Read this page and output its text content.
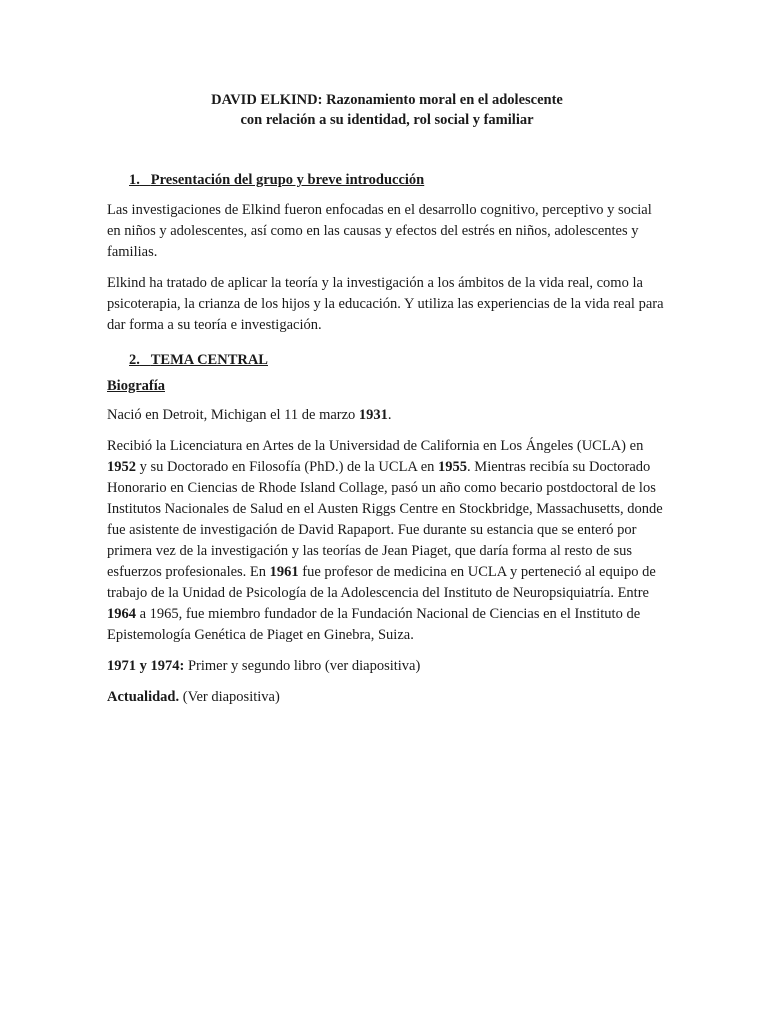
DAVID ELKIND: Razonamiento moral en el adolescente
con relación a su identidad, rol social y familiar
1. Presentación del grupo y breve introducción

Las investigaciones de Elkind fueron enfocadas en el desarrollo cognitivo, perceptivo y social en niños y adolescentes, así como en las causas y efectos del estrés en niños, adolescentes y familias.

Elkind ha tratado de aplicar la teoría y la investigación a los ámbitos de la vida real, como la psicoterapia, la crianza de los hijos y la educación. Y utiliza las experiencias de la vida real para dar forma a su teoría e investigación.

2. TEMA CENTRAL
Biografía

Nació en Detroit, Michigan el 11 de marzo 1931.

Recibió la Licenciatura en Artes de la Universidad de California en Los Ángeles (UCLA) en 1952 y su Doctorado en Filosofía (PhD.) de la UCLA en 1955. Mientras recibía su Doctorado Honorario en Ciencias de Rhode Island Collage, pasó un año como becario postdoctoral de los Institutos Nacionales de Salud en el Austen Riggs Centre en Stockbridge, Massachusetts, donde fue asistente de investigación de David Rapaport. Fue durante su estancia que se enteró por primera vez de la investigación y las teorías de Jean Piaget, que daría forma al resto de sus esfuerzos profesionales. En 1961 fue profesor de medicina en UCLA y perteneció al equipo de trabajo de la Unidad de Psicología de la Adolescencia del Instituto de Neuropsiquiatría. Entre 1964 a 1965, fue miembro fundador de la Fundación Nacional de Ciencias en el Instituto de Epistemología Genética de Piaget en Ginebra, Suiza.

1971 y 1974: Primer y segundo libro (ver diapositiva)

Actualidad. (Ver diapositiva)
